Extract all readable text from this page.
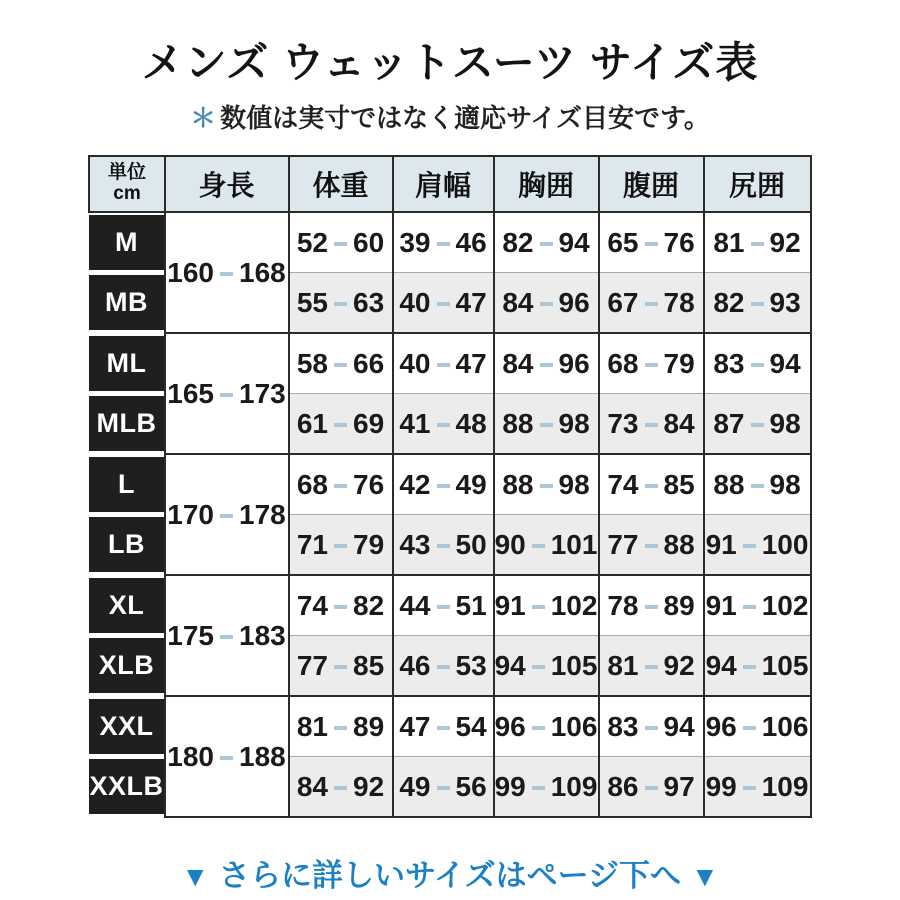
メンズ ウェットスーツ サイズ表
＊ 数値は実寸ではなく適応サイズ目安です。
単位
cm	身長	体重	肩幅	胸囲	腹囲	尻囲

M	160 168	52 60	39 46	82 94	65 76	81 92

MB		55 63	40 47	84 96	67 78	82 93

ML	165 173	58 66	40 47	84 96	68 79	83 94

MLB		61 69	41 48	88 98	73 84	87 98

L	170 178	68 76	42 49	88 98	74 85	88 98

LB		71 79	43 50	90 101	77 88	91 100

XL	175 183	74 82	44 51	91 102	78 89	91 102

XLB		77 85	46 53	94 105	81 92	94 105

XXL	180 188	81 89	47 54	96 106	83 94	96 106

XXLB		84 92	49 56	99 109	86 97	99 109
▼ さらに詳しいサイズはページ下へ ▼
